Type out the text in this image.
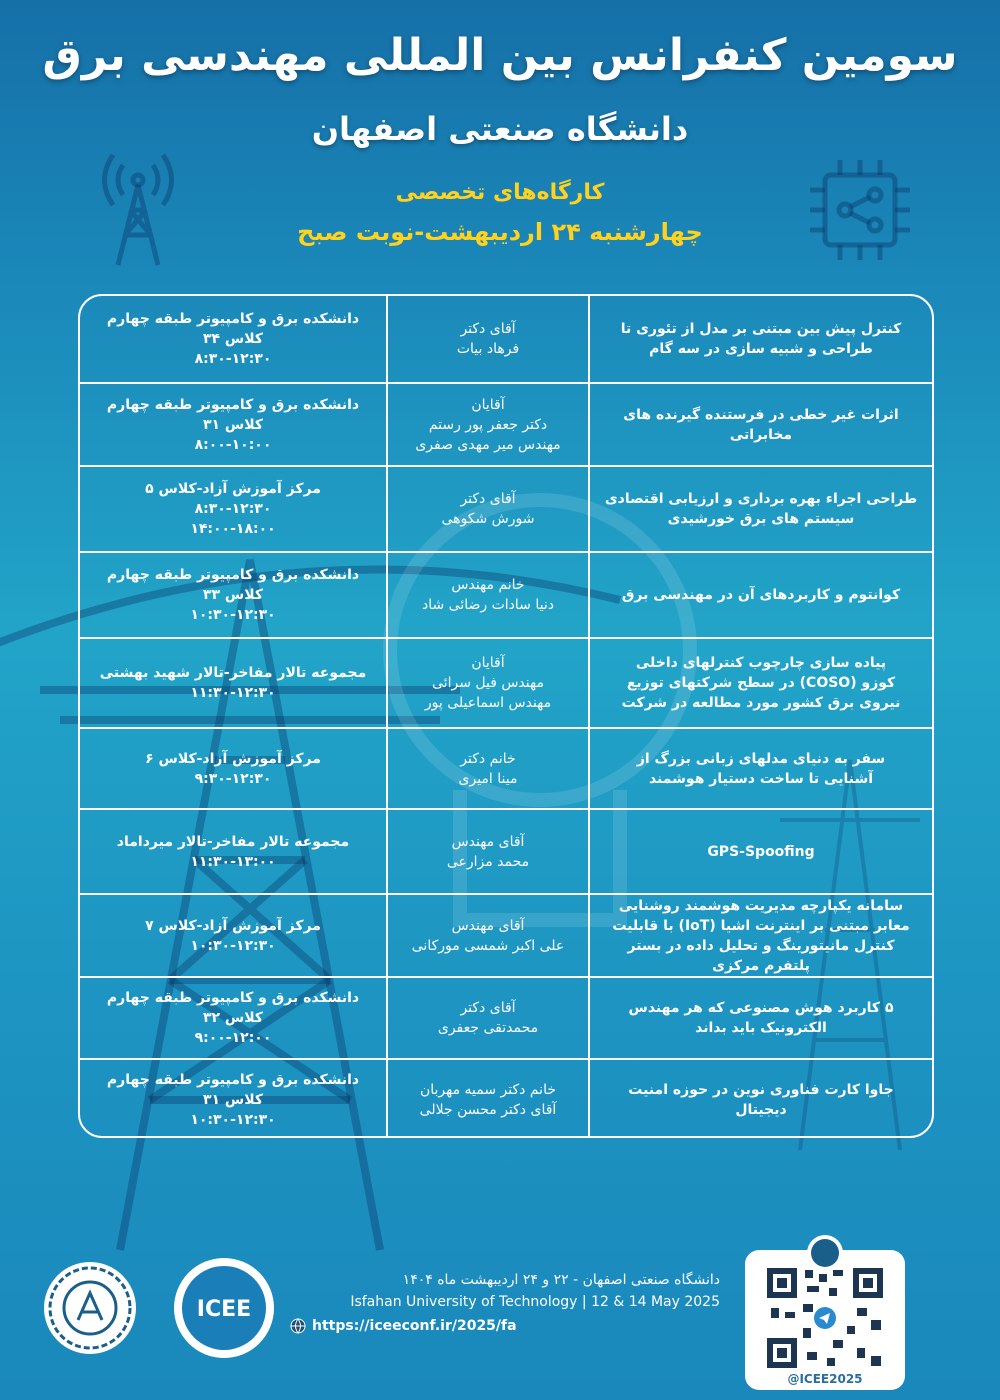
سومین کنفرانس بین المللی مهندسی برق
دانشگاه صنعتی اصفهان
کارگاه‌های تخصصی
چهارشنبه ۲۴ اردیبهشت-نوبت صبح
کنترل پیش بین مبتنی بر مدل از تئوری تا
طراحی و شبیه سازی در سه گام
آقای دکتر
فرهاد بیات
دانشکده برق و کامپیوتر طبقه چهارم
کلاس ۳۴
۸:۳۰-۱۲:۳۰
اثرات غیر خطی در فرستنده گیرنده های
مخابراتی
آقایان
دکتر جعفر پور رستم
مهندس میر مهدی صفری
دانشکده برق و کامپیوتر طبقه چهارم
کلاس ۳۱
۸:۰۰-۱۰:۰۰
طراحی اجراء بهره برداری و ارزیابی اقتصادی
سیستم های برق خورشیدی
آقای دکتر
شورش شکوهی
مرکز آموزش آزاد-کلاس ۵
۸:۳۰-۱۲:۳۰
۱۴:۰۰-۱۸:۰۰
کوانتوم و کاربردهای آن در مهندسی برق
خانم مهندس
دنیا سادات رضائی شاد
دانشکده برق و کامپیوتر طبقه چهارم
کلاس ۳۳
۱۰:۳۰-۱۲:۳۰
پیاده سازی چارچوب کنترلهای داخلی
کوزو (COSO) در سطح شرکتهای توزیع
نیروی برق کشور مورد مطالعه در شرکت
آقایان
مهندس فیل سرائی
مهندس اسماعیلی پور
مجموعه تالار مفاخر-تالار شهید بهشتی
۱۱:۳۰-۱۲:۳۰
سفر به دنیای مدلهای زبانی بزرگ از
آشنایی تا ساخت دستیار هوشمند
خانم دکتر
مینا امیری
مرکز آموزش آزاد-کلاس ۶
۹:۳۰-۱۲:۳۰
GPS-Spoofing
آقای مهندس
محمد مزارعی
مجموعه تالار مفاخر-تالار میرداماد
۱۱:۳۰-۱۳:۰۰
سامانه یکپارچه مدیریت هوشمند روشنایی
معابر مبتنی بر اینترنت اشیا (IoT) با قابلیت
کنترل مانیتورینگ و تحلیل داده در بستر
پلتفرم مرکزی
آقای مهندس
علی اکبر شمسی مورکانی
مرکز آموزش آزاد-کلاس ۷
۱۰:۳۰-۱۲:۳۰
۵ کاربرد هوش مصنوعی که هر مهندس
الکترونیک باید بداند
آقای دکتر
محمدتقی جعفری
دانشکده برق و کامپیوتر طبقه چهارم
کلاس ۳۲
۹:۰۰-۱۲:۰۰
جاوا کارت فناوری نوین در حوزه امنیت
دیجیتال
خانم دکتر سمیه مهربان
آقای دکتر محسن جلالی
دانشکده برق و کامپیوتر طبقه چهارم
کلاس ۳۱
۱۰:۳۰-۱۲:۳۰
ICEE
دانشگاه صنعتی اصفهان - ۲۲ و ۲۴ اردیبهشت ماه ۱۴۰۴
Isfahan University of Technology | 12 & 14 May 2025
https://iceeconf.ir/2025/fa
@ICEE2025
